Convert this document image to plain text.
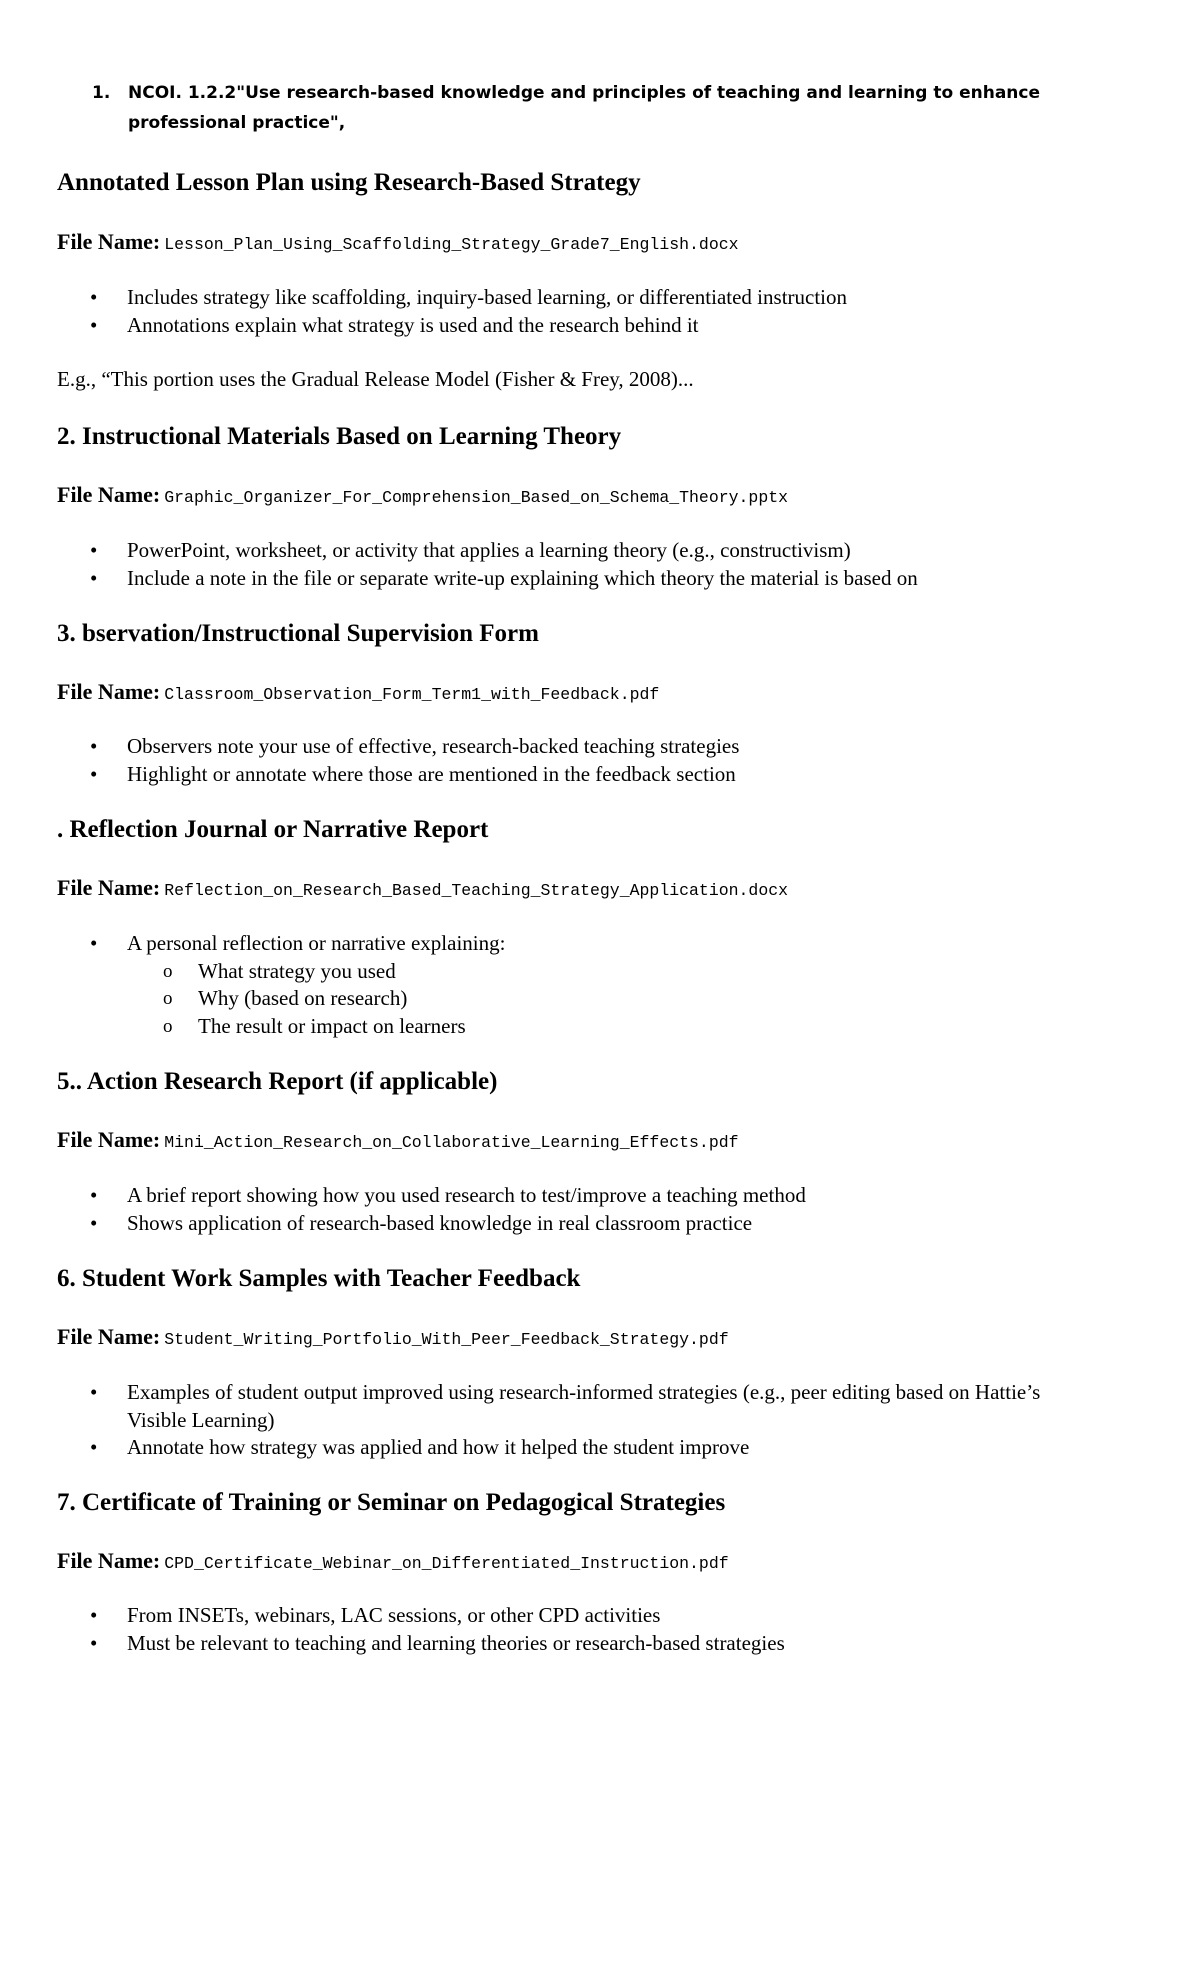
1. NCOI. 1.2.2"Use research-based knowledge and principles of teaching and learning to enhance professional practice",
Annotated Lesson Plan using Research-Based Strategy
File Name: Lesson_Plan_Using_Scaffolding_Strategy_Grade7_English.docx
• Includes strategy like scaffolding, inquiry-based learning, or differentiated instruction
• Annotations explain what strategy is used and the research behind it
E.g., “This portion uses the Gradual Release Model (Fisher & Frey, 2008)...
2. Instructional Materials Based on Learning Theory
File Name: Graphic_Organizer_For_Comprehension_Based_on_Schema_Theory.pptx
• PowerPoint, worksheet, or activity that applies a learning theory (e.g., constructivism)
• Include a note in the file or separate write-up explaining which theory the material is based on
3. bservation/Instructional Supervision Form
File Name: Classroom_Observation_Form_Term1_with_Feedback.pdf
• Observers note your use of effective, research-backed teaching strategies
• Highlight or annotate where those are mentioned in the feedback section
. Reflection Journal or Narrative Report
File Name: Reflection_on_Research_Based_Teaching_Strategy_Application.docx
• A personal reflection or narrative explaining:
o What strategy you used
o Why (based on research)
o The result or impact on learners
5.. Action Research Report (if applicable)
File Name: Mini_Action_Research_on_Collaborative_Learning_Effects.pdf
• A brief report showing how you used research to test/improve a teaching method
• Shows application of research-based knowledge in real classroom practice
6. Student Work Samples with Teacher Feedback
File Name: Student_Writing_Portfolio_With_Peer_Feedback_Strategy.pdf
• Examples of student output improved using research-informed strategies (e.g., peer editing based on Hattie’s Visible Learning)
• Annotate how strategy was applied and how it helped the student improve
7. Certificate of Training or Seminar on Pedagogical Strategies
File Name: CPD_Certificate_Webinar_on_Differentiated_Instruction.pdf
• From INSETs, webinars, LAC sessions, or other CPD activities
• Must be relevant to teaching and learning theories or research-based strategies
